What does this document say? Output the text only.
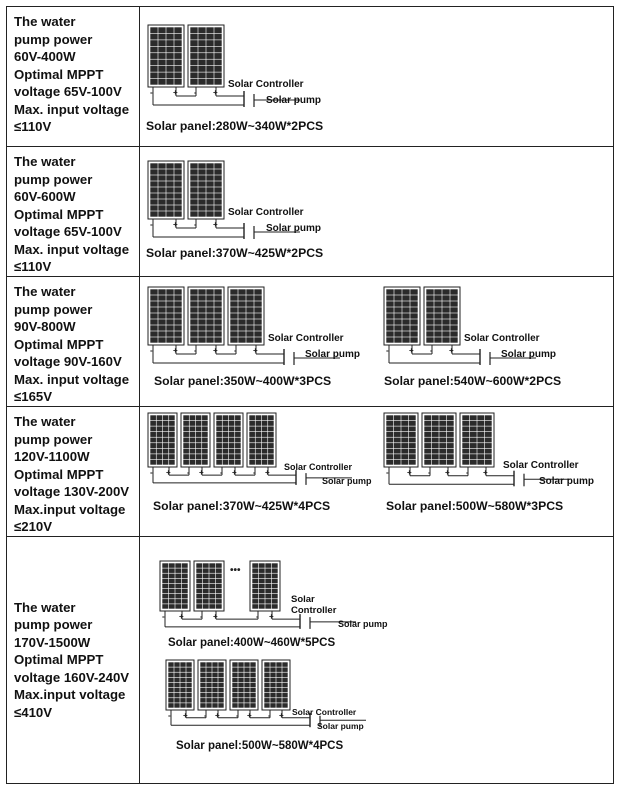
The water
pump power
60V-400W
Optimal MPPT
voltage 65V-100V
Max. input voltage
≤110V
-	+ - +
Solar Controller
Solar pump
Solar panel:280W~340W*2PCS
The water
pump power
60V-600W
Optimal MPPT
voltage 65V-100V
Max. input voltage
≤110V
-	+ - +
Solar Controller
Solar pump
Solar panel:370W~425W*2PCS
The water
pump power
90V-800W
Optimal MPPT
voltage 90V-160V
Max. input voltage
≤165V
-	+ - + - +
Solar Controller
Solar pump
Solar panel:350W~400W*3PCS
-	+ - +
Solar Controller
Solar pump
Solar panel:540W~600W*2PCS
The water
pump power
120V-1100W
Optimal MPPT
voltage 130V-200V
Max.input voltage
≤210V
- + - + - + - +
Solar Controller
Solar pump
Solar panel:370W~425W*4PCS
- + - + - +
Solar Controller
Solar pump
Solar panel:500W~580W*3PCS
The water
pump power
170V-1500W
Optimal MPPT
voltage 160V-240V
Max.input voltage
≤410V
•••
- + - +	- +
Solar
Controller
Solar pump
Solar panel:400W~460W*5PCS
- + - + - + - + Solar Controller
Solar pump
Solar panel:500W~580W*4PCS
